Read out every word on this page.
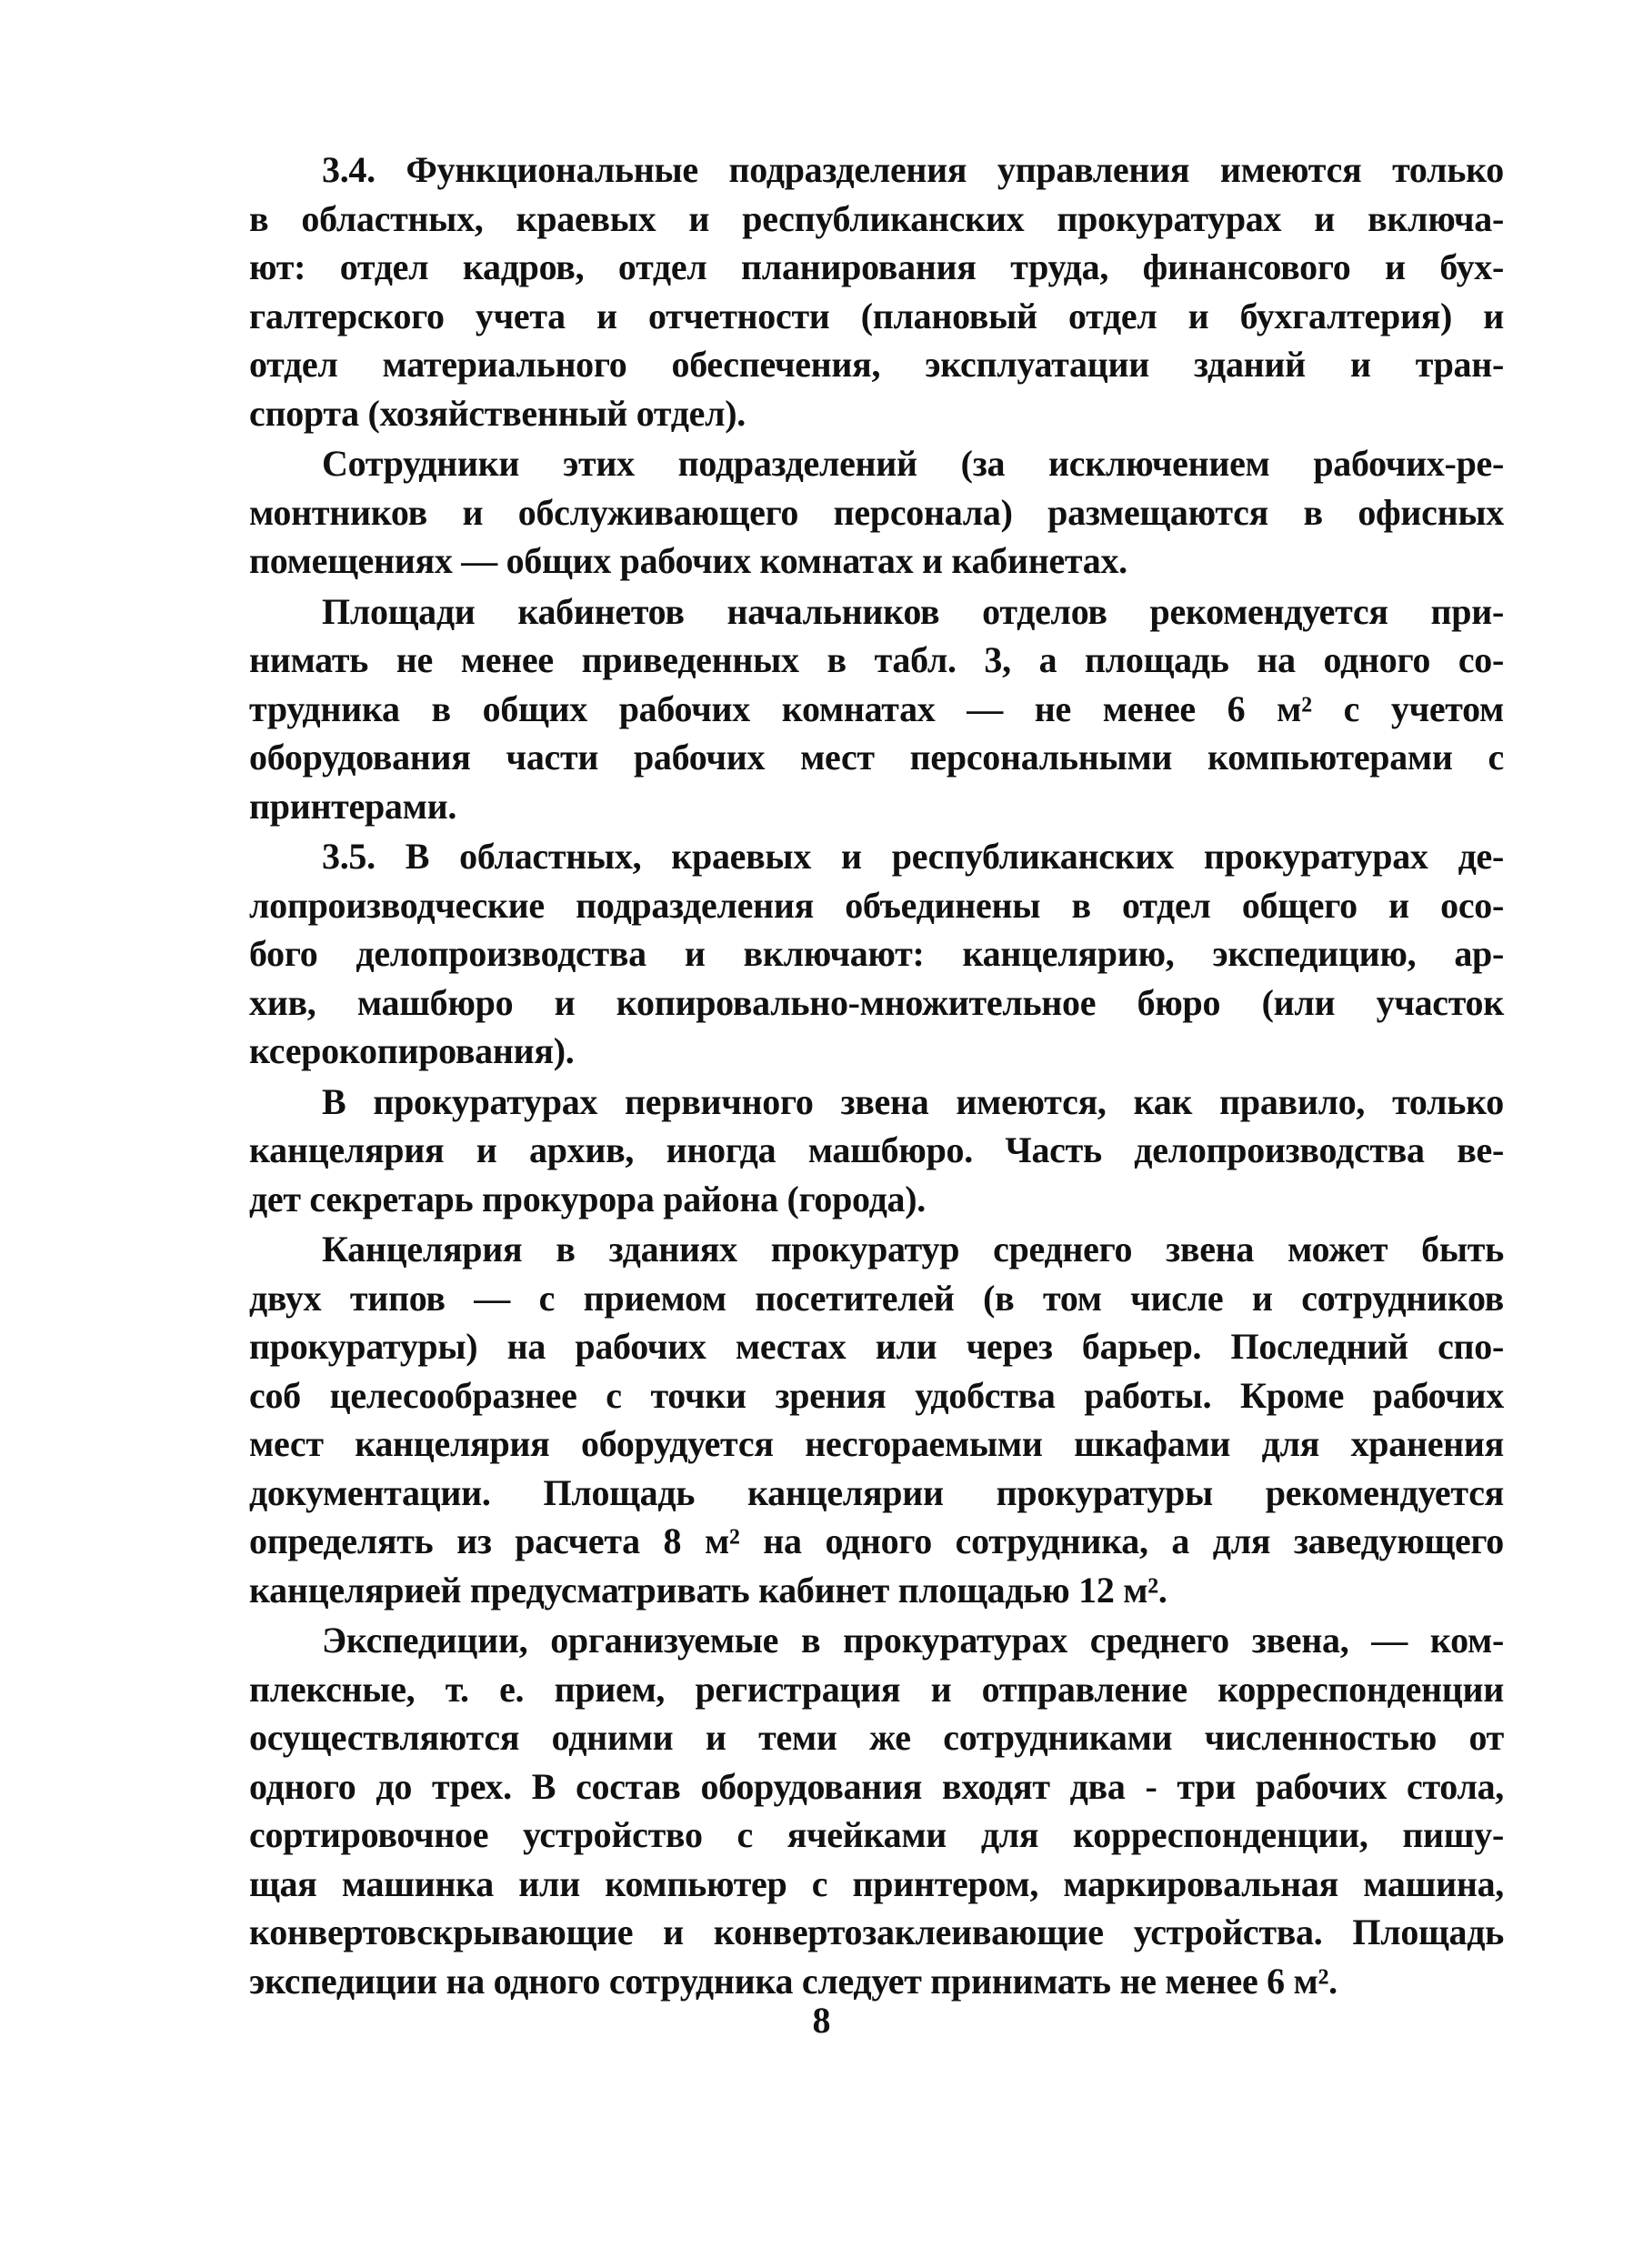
3.4. Функциональные подразделения управления имеются только
в областных, краевых и республиканских прокуратурах и включа-
ют: отдел кадров, отдел планирования труда, финансового и бух-
галтерского учета и отчетности (плановый отдел и бухгалтерия) и
отдел материального обеспечения, эксплуатации зданий и тран-
спорта (хозяйственный отдел).
Сотрудники этих подразделений (за исключением рабочих-ре-
монтников и обслуживающего персонала) размещаются в офисных
помещениях — общих рабочих комнатах и кабинетах.
Площади кабинетов начальников отделов рекомендуется при-
нимать не менее приведенных в табл. 3, а площадь на одного со-
трудника в общих рабочих комнатах — не менее 6 м² с учетом
оборудования части рабочих мест персональными компьютерами с
принтерами.
3.5. В областных, краевых и республиканских прокуратурах де-
лопроизводческие подразделения объединены в отдел общего и осо-
бого делопроизводства и включают: канцелярию, экспедицию, ар-
хив, машбюро и копировально-множительное бюро (или участок
ксерокопирования).
В прокуратурах первичного звена имеются, как правило, только
канцелярия и архив, иногда машбюро. Часть делопроизводства ве-
дет секретарь прокурора района (города).
Канцелярия в зданиях прокуратур среднего звена может быть
двух типов — с приемом посетителей (в том числе и сотрудников
прокуратуры) на рабочих местах или через барьер. Последний спо-
соб целесообразнее с точки зрения удобства работы. Кроме рабочих
мест канцелярия оборудуется несгораемыми шкафами для хранения
документации. Площадь канцелярии прокуратуры рекомендуется
определять из расчета 8 м² на одного сотрудника, а для заведующего
канцелярией предусматривать кабинет площадью 12 м².
Экспедиции, организуемые в прокуратурах среднего звена, — ком-
плексные, т. е. прием, регистрация и отправление корреспонденции
осуществляются одними и теми же сотрудниками численностью от
одного до трех. В состав оборудования входят два - три рабочих стола,
сортировочное устройство с ячейками для корреспонденции, пишу-
щая машинка или компьютер с принтером, маркировальная машина,
конвертовскрывающие и конвертозаклеивающие устройства. Площадь
экспедиции на одного сотрудника следует принимать не менее 6 м².
8
